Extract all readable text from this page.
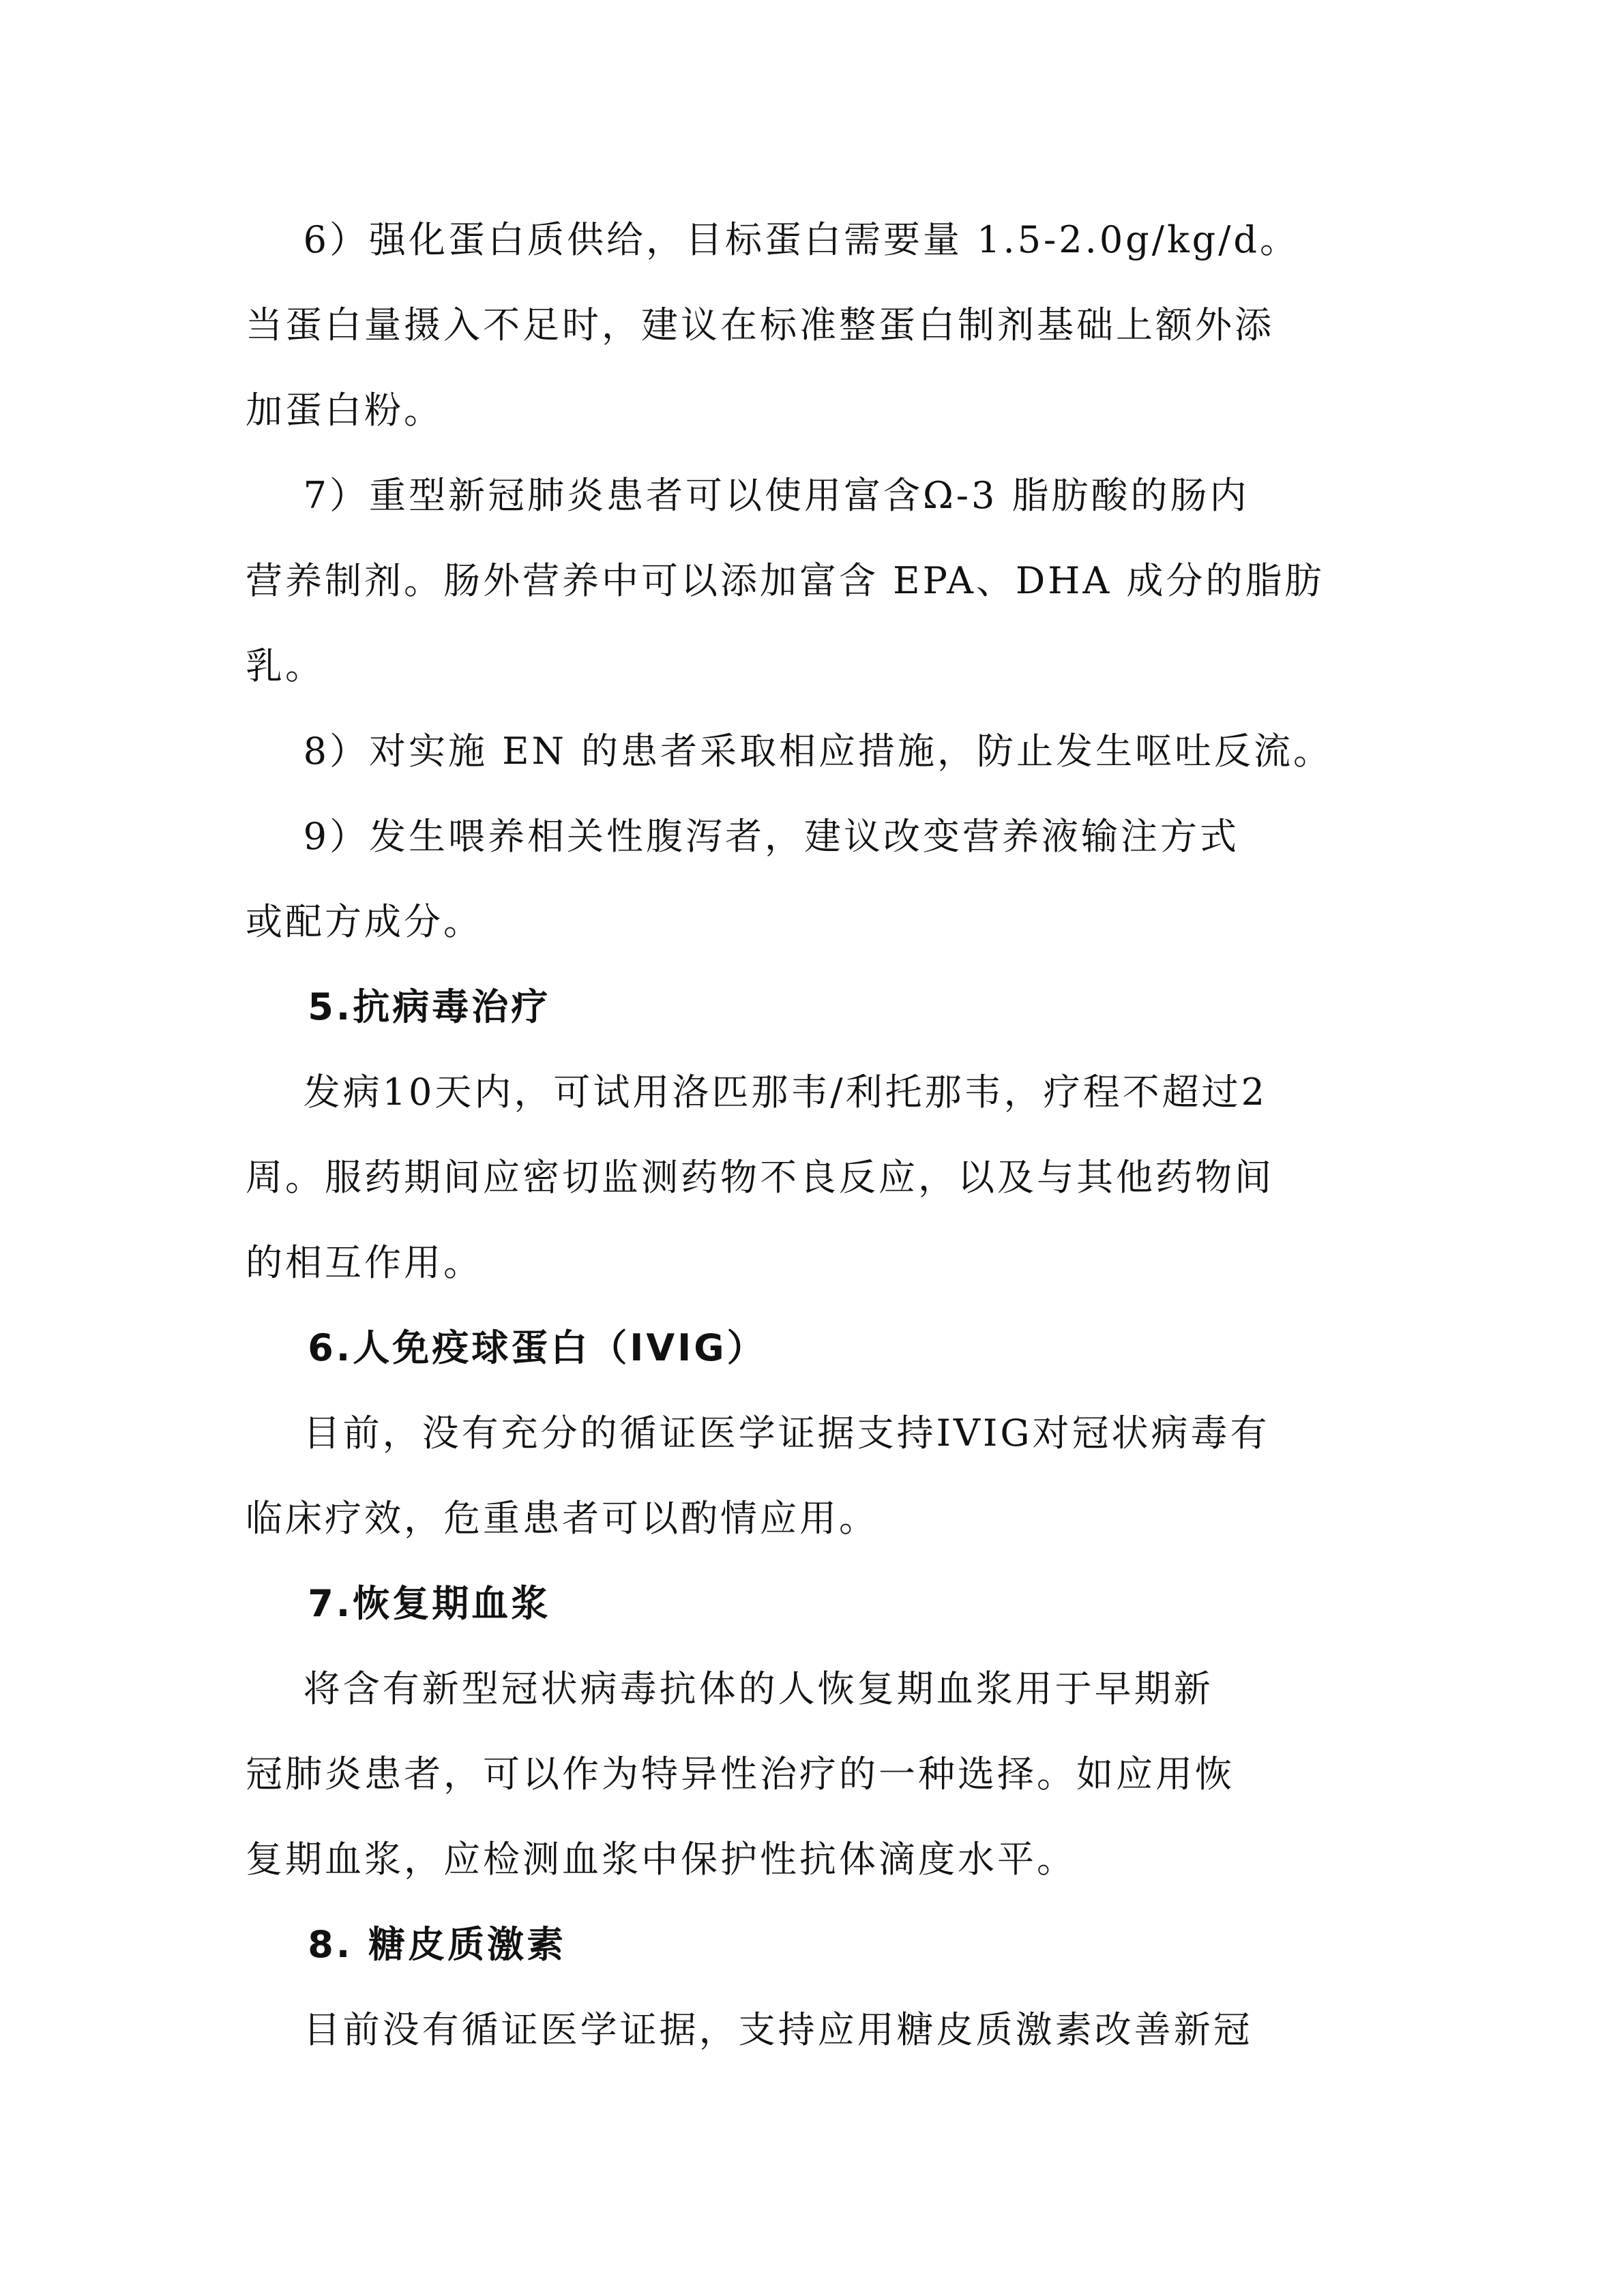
6）强化蛋白质供给，目标蛋白需要量 1.5-2.0g/kg/d。

当蛋白量摄入不足时，建议在标准整蛋白制剂基础上额外添

加蛋白粉。

7）重型新冠肺炎患者可以使用富含Ω-3 脂肪酸的肠内

营养制剂。肠外营养中可以添加富含 EPA、DHA 成分的脂肪

乳。

8）对实施 EN 的患者采取相应措施，防止发生呕吐反流。

9）发生喂养相关性腹泻者，建议改变营养液输注方式

或配方成分。

5.抗病毒治疗

发病10天内，可试用洛匹那韦/利托那韦，疗程不超过2

周。服药期间应密切监测药物不良反应，以及与其他药物间

的相互作用。

6.人免疫球蛋白（IVIG）

目前，没有充分的循证医学证据支持IVIG对冠状病毒有

临床疗效，危重患者可以酌情应用。

7.恢复期血浆

将含有新型冠状病毒抗体的人恢复期血浆用于早期新

冠肺炎患者，可以作为特异性治疗的一种选择。如应用恢

复期血浆，应检测血浆中保护性抗体滴度水平。

8. 糖皮质激素

目前没有循证医学证据，支持应用糖皮质激素改善新冠
